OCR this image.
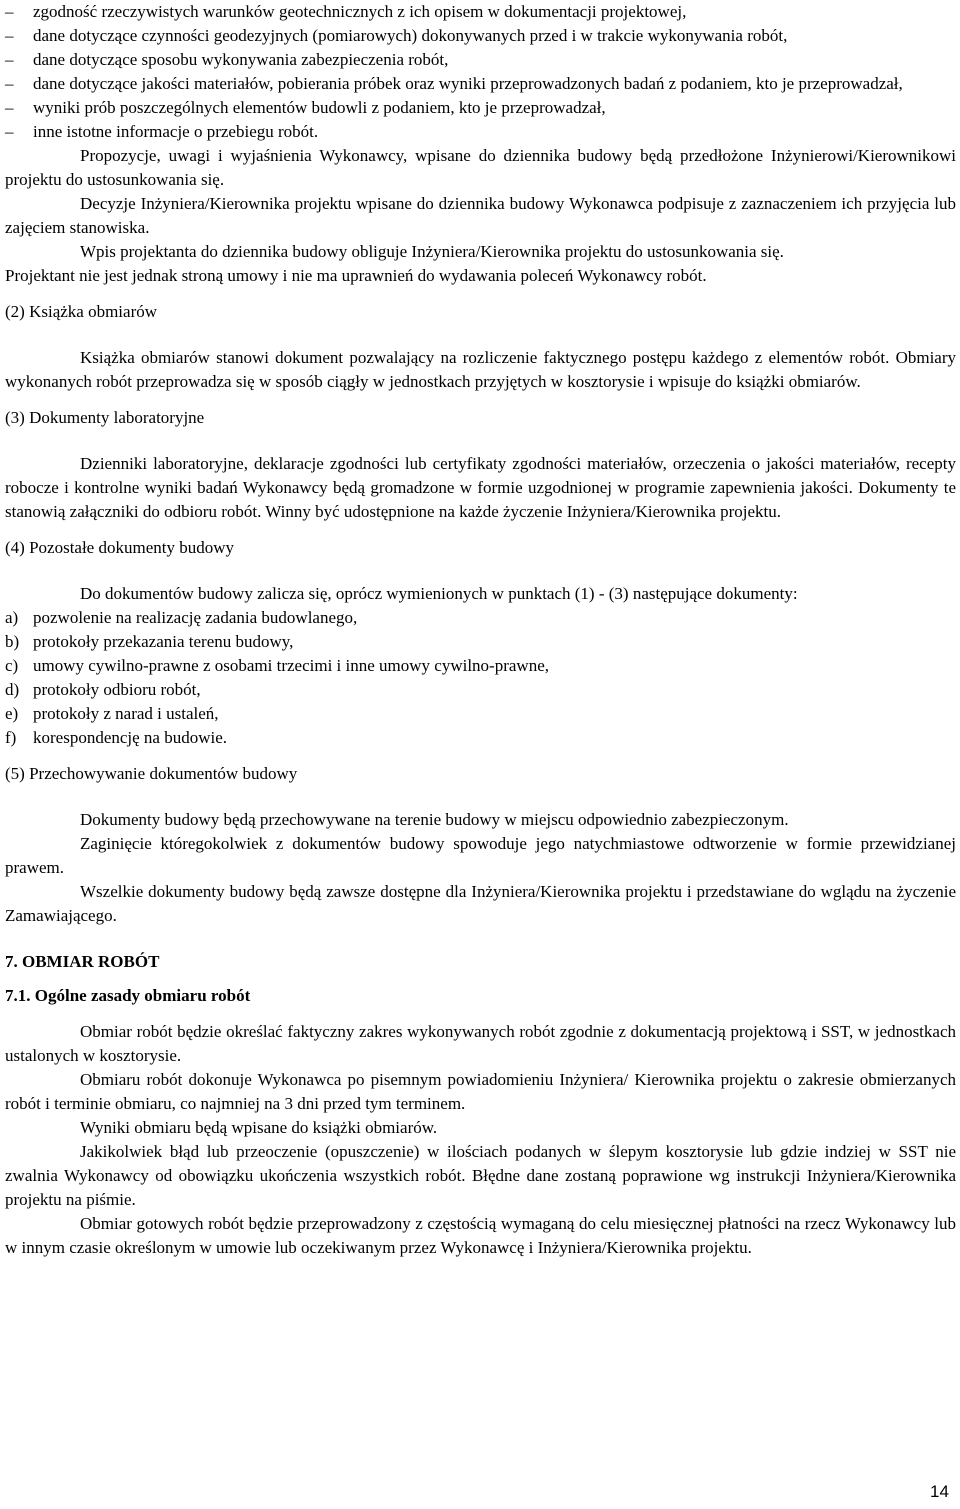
– zgodność rzeczywistych warunków geotechnicznych z ich opisem w dokumentacji projektowej,

– dane dotyczące czynności geodezyjnych (pomiarowych) dokonywanych przed i w trakcie wykonywania robót,

– dane dotyczące sposobu wykonywania zabezpieczenia robót,

– dane dotyczące jakości materiałów, pobierania próbek oraz wyniki przeprowadzonych badań z podaniem, kto je przeprowadzał,

– wyniki prób poszczególnych elementów budowli z podaniem, kto je przeprowadzał,

– inne istotne informacje o przebiegu robót.

Propozycje, uwagi i wyjaśnienia Wykonawcy, wpisane do dziennika budowy będą przedłożone Inżynierowi/Kierownikowi projektu do ustosunkowania się.

Decyzje Inżyniera/Kierownika projektu wpisane do dziennika budowy Wykonawca podpisuje z zaznaczeniem ich przyjęcia lub zajęciem stanowiska.

Wpis projektanta do dziennika budowy obliguje Inżyniera/Kierownika projektu do ustosunkowania się.

Projektant nie jest jednak stroną umowy i nie ma uprawnień do wydawania poleceń Wykonawcy robót.

(2) Książka obmiarów

Książka obmiarów stanowi dokument pozwalający na rozliczenie faktycznego postępu każdego z elementów robót. Obmiary wykonanych robót przeprowadza się w sposób ciągły w jednostkach przyjętych w kosztorysie i wpisuje do książki obmiarów.

(3) Dokumenty laboratoryjne

Dzienniki laboratoryjne, deklaracje zgodności lub certyfikaty zgodności materiałów, orzeczenia o jakości materiałów, recepty robocze i kontrolne wyniki badań Wykonawcy będą gromadzone w formie uzgodnionej w programie zapewnienia jakości. Dokumenty te stanowią załączniki do odbioru robót. Winny być udostępnione na każde życzenie Inżyniera/Kierownika projektu.

(4) Pozostałe dokumenty budowy

Do dokumentów budowy zalicza się, oprócz wymienionych w punktach (1) - (3) następujące dokumenty:

a) pozwolenie na realizację zadania budowlanego,

b) protokoły przekazania terenu budowy,

c) umowy cywilno-prawne z osobami trzecimi i inne umowy cywilno-prawne,

d) protokoły odbioru robót,

e) protokoły z narad i ustaleń,

f) korespondencję na budowie.

(5) Przechowywanie dokumentów budowy

Dokumenty budowy będą przechowywane na terenie budowy w miejscu odpowiednio zabezpieczonym.

Zaginięcie któregokolwiek z dokumentów budowy spowoduje jego natychmiastowe odtworzenie w formie przewidzianej prawem.

Wszelkie dokumenty budowy będą zawsze dostępne dla Inżyniera/Kierownika projektu i przedstawiane do wglądu na życzenie Zamawiającego.

7. OBMIAR ROBÓT

7.1. Ogólne zasady obmiaru robót

Obmiar robót będzie określać faktyczny zakres wykonywanych robót zgodnie z dokumentacją projektową i SST, w jednostkach ustalonych w kosztorysie.

Obmiaru robót dokonuje Wykonawca po pisemnym powiadomieniu Inżyniera/ Kierownika projektu o zakresie obmierzanych robót i terminie obmiaru, co najmniej na 3 dni przed tym terminem.

Wyniki obmiaru będą wpisane do książki obmiarów.

Jakikolwiek błąd lub przeoczenie (opuszczenie) w ilościach podanych w ślepym kosztorysie lub gdzie indziej w SST nie zwalnia Wykonawcy od obowiązku ukończenia wszystkich robót. Błędne dane zostaną poprawione wg instrukcji Inżyniera/Kierownika projektu na piśmie.

Obmiar gotowych robót będzie przeprowadzony z częstością wymaganą do celu miesięcznej płatności na rzecz Wykonawcy lub w innym czasie określonym w umowie lub oczekiwanym przez Wykonawcę i Inżyniera/Kierownika projektu.

14
